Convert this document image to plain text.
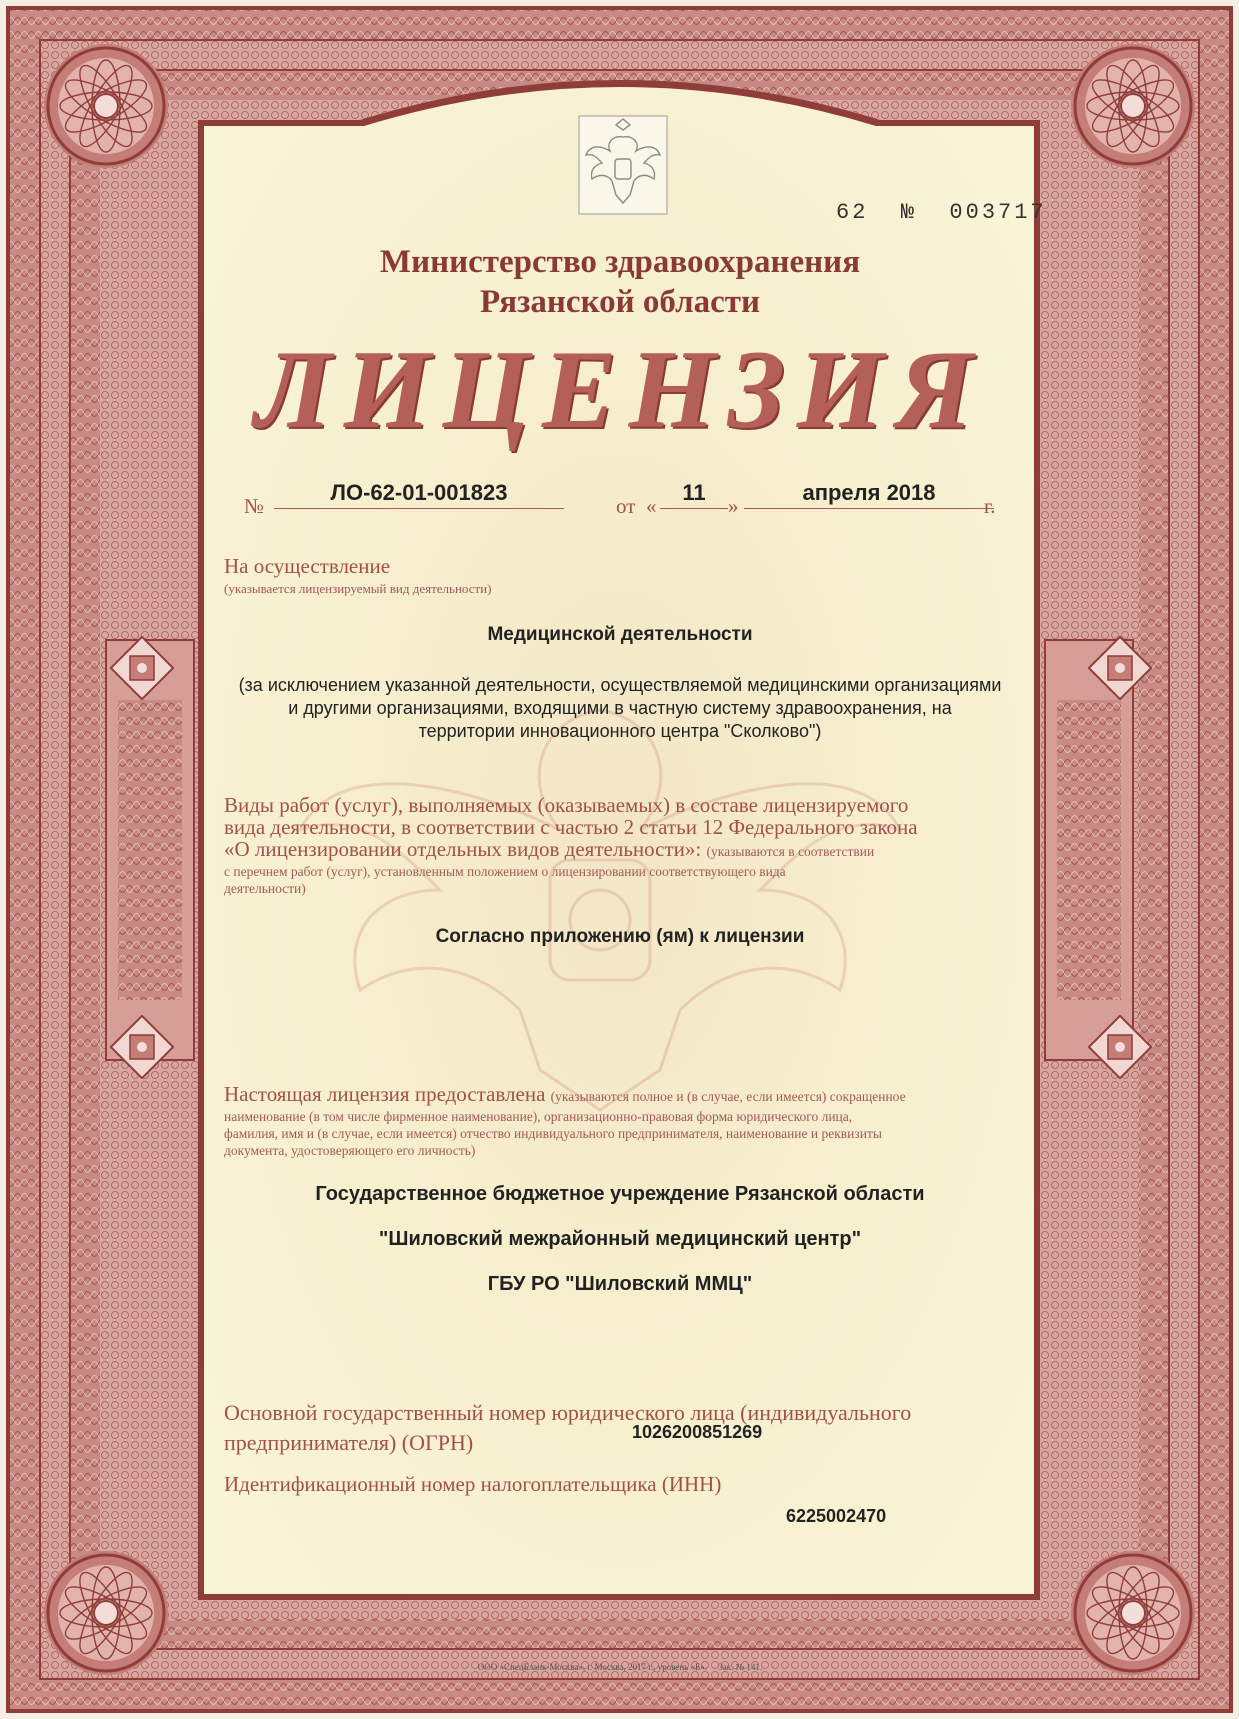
62 № 003717
Министерство здравоохранения
Рязанской области
ЛИЦЕНЗИЯ
№
ЛО-62-01-001823
от «
11
»
апреля 2018
г.
На осуществление
(указывается лицензируемый вид деятельности)
Медицинской деятельности
(за исключением указанной деятельности, осуществляемой медицинскими организациями
и другими организациями, входящими в частную систему здравоохранения, на
территории инновационного центра "Сколково")
Виды работ (услуг), выполняемых (оказываемых) в составе лицензируемого
вида деятельности, в соответствии с частью 2 статьи 12 Федерального закона
«О лицензировании отдельных видов деятельности»: (указываются в соответствии
с перечнем работ (услуг), установленным положением о лицензировании соответствующего вида
деятельности)
Согласно приложению (ям) к лицензии
Настоящая лицензия предоставлена (указываются полное и (в случае, если имеется) сокращенное
наименование (в том числе фирменное наименование), организационно-правовая форма юридического лица,
фамилия, имя и (в случае, если имеется) отчество индивидуального предпринимателя, наименование и реквизиты
документа, удостоверяющего его личность)
Государственное бюджетное учреждение Рязанской области
"Шиловский межрайонный медицинский центр"
ГБУ РО "Шиловский ММЦ"
Основной государственный номер юридического лица (индивидуального
предпринимателя) (ОГРН)	1026200851269
Идентификационный номер налогоплательщика (ИНН)
6225002470
ООО «СпецБланк-Москва», г. Москва, 2017 г., уровень «Б». Зак. № 141.
